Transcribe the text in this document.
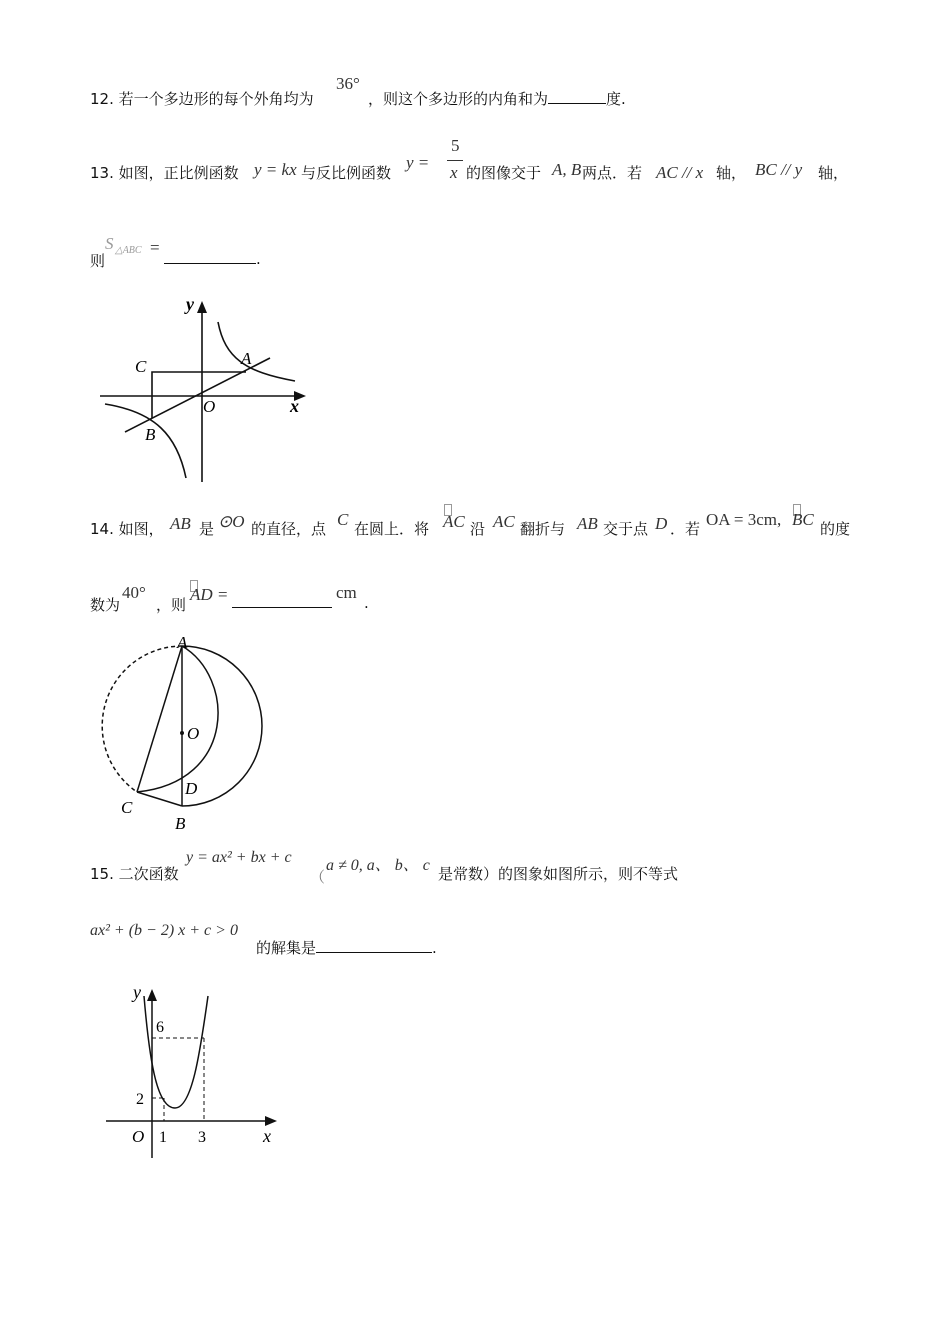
12. 若一个多边形的每个外角均为
36°
，则这个多边形的内角和为	度.
13. 如图，正比例函数 y = kx 与反比例函数
y =
5
x 的图像交于 A, B 两点．若 AC // x 轴， BC // y 轴，
则
S △ABC =
.
y
x
O
A
C
B
14. 如图， AB 是 ⊙O 的直径，点 C 在圆上．将 AC 沿 AC 翻折与 AB 交于点 D ．若 OA = 3cm, BC 的度
数为
40°
，则
AD =	cm
.
A
O
D
C
B
15. 二次函数
y = ax² + bx + c
（
a ≠ 0, a、 b、 c 是常数）的图象如图所示，则不等式
ax² + (b − 2) x + c > 0
的解集是	.
y
x
O
6
2
1 3
